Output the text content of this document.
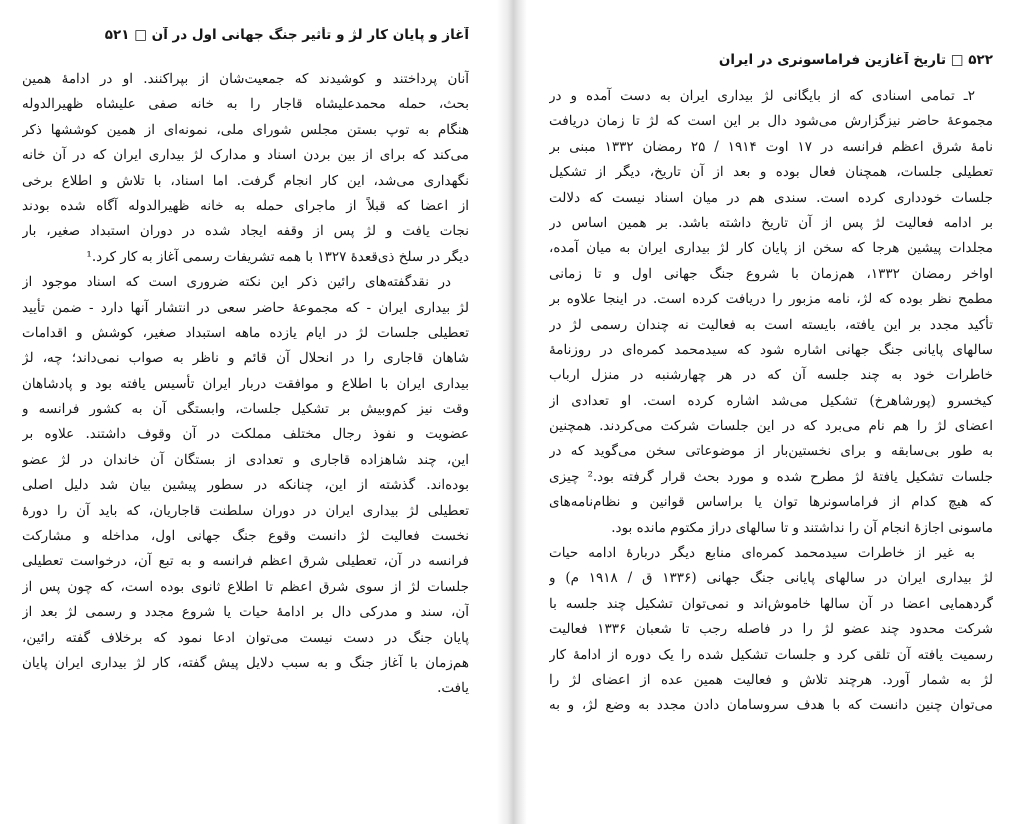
آغاز و پایان کار لژ و تأثیر جنگ جهانی اول در آن □ ۵۲۱
آنان پرداختند و کوشیدند که جمعیت‌شان از بپراکنند. او در ادامهٔ همین
بحث، حمله محمدعلیشاه قاجار را به خانه صفی علیشاه ظهیرالدوله
هنگام به توپ بستن مجلس شورای ملی، نمونه‌ای از همین کوششها ذکر
می‌کند که برای از بین بردن اسناد و مدارک لژ بیداری ایران که در آن خانه
نگهداری می‌شد، این کار انجام گرفت. اما اسناد، با تلاش و اطلاع برخی
از اعضا که قبلاً از ماجرای حمله به خانه ظهیرالدوله آگاه شده بودند
نجات یافت و لژ پس از وقفه ایجاد شده در دوران استبداد صغیر، بار
دیگر در سلخ ذی‌قعدهٔ ۱۳۲۷ با همه تشریفات رسمی آغاز به کار کرد.¹
در نقدگفته‌های رائین ذکر این نکته ضروری است که اسناد موجود از
لژ بیداری ایران - که مجموعهٔ حاضر سعی در انتشار آنها دارد - ضمن تأیید
تعطیلی جلسات لژ در ایام یازده ماهه استبداد صغیر، کوشش و اقدامات
شاهان قاجاری را در انحلال آن قائم و ناظر به صواب نمی‌داند؛ چه، لژ
بیداری ایران با اطلاع و موافقت دربار ایران تأسیس یافته بود و پادشاهان
وقت نیز کم‌وبیش بر تشکیل جلسات، وابستگی آن به کشور فرانسه و
عضویت و نفوذ رجال مختلف مملکت در آن وقوف داشتند. علاوه بر
این، چند شاهزاده قاجاری و تعدادی از بستگان آن خاندان در لژ عضو
بوده‌اند. گذشته از این، چنانکه در سطور پیشین بیان شد دلیل اصلی
تعطیلی لژ بیداری ایران در دوران سلطنت قاجاریان، که باید آن را دورهٔ
نخست فعالیت لژ دانست وقوع جنگ جهانی اول، مداخله و مشارکت
فرانسه در آن، تعطیلی شرق اعظم فرانسه و به تبع آن، درخواست تعطیلی
جلسات لژ از سوی شرق اعظم تا اطلاع ثانوی بوده است، که چون پس از
آن، سند و مدرکی دال بر ادامهٔ حیات یا شروع مجدد و رسمی لژ بعد از
پایان جنگ در دست نیست می‌توان ادعا نمود که برخلاف گفته رائین،
هم‌زمان با آغاز جنگ و به سبب دلایل پیش گفته، کار لژ بیداری ایران پایان
یافت.
۵۲۲ □ تاریخ آغازین فراماسونری در ایران
۲ـ تمامی اسنادی که از بایگانی لژ بیداری ایران به دست آمده و در
مجموعهٔ حاضر نیزگزارش می‌شود دال بر این است که لژ تا زمان دریافت
نامهٔ شرق اعظم فرانسه در ۱۷ اوت ۱۹۱۴ / ۲۵ رمضان ۱۳۳۲ مبنی بر
تعطیلی جلسات، همچنان فعال بوده و بعد از آن تاریخ، دیگر از تشکیل
جلسات خودداری کرده است. سندی هم در میان اسناد نیست که دلالت
بر ادامه فعالیت لژ پس از آن تاریخ داشته باشد. بر همین اساس در
مجلدات پیشین هرجا که سخن از پایان کار لژ بیداری ایران به میان آمده،
اواخر رمضان ۱۳۳۲، هم‌زمان با شروع جنگ جهانی اول و تا زمانی
مطمح نظر بوده که لژ، نامه مزبور را دریافت کرده است. در اینجا علاوه بر
تأکید مجدد بر این یافته، بایسته است به فعالیت نه چندان رسمی لژ در
سالهای پایانی جنگ جهانی اشاره شود که سیدمحمد کمره‌ای در روزنامهٔ
خاطرات خود به چند جلسه آن که در هر چهارشنبه در منزل ارباب
کیخسرو (پورشاهرخ) تشکیل می‌شد اشاره کرده است. او تعدادی از
اعضای لژ را هم نام می‌برد که در این جلسات شرکت می‌کردند. همچنین
به طور بی‌سابقه و برای نخستین‌بار از موضوعاتی سخن می‌گوید که در
جلسات تشکیل یافتهٔ لژ مطرح شده و مورد بحث قرار گرفته بود.² چیزی
که هیچ کدام از فراماسونرها توان یا براساس قوانین و نظام‌نامه‌های
ماسونی اجازهٔ انجام آن را نداشتند و تا سالهای دراز مکتوم مانده بود.
به غیر از خاطرات سیدمحمد کمره‌ای منابع دیگر دربارهٔ ادامه حیات
لژ بیداری ایران در سالهای پایانی جنگ جهانی (۱۳۳۶ ق / ۱۹۱۸ م) و
گردهمایی اعضا در آن سالها خاموش‌اند و نمی‌توان تشکیل چند جلسه با
شرکت محدود چند عضو لژ را در فاصله رجب تا شعبان ۱۳۳۶ فعالیت
رسمیت یافته آن تلقی کرد و جلسات تشکیل شده را یک دوره از ادامهٔ کار
لژ به شمار آورد. هرچند تلاش و فعالیت همین عده از اعضای لژ را
می‌توان چنین دانست که با هدف سروسامان دادن مجدد به وضع لژ، و به
